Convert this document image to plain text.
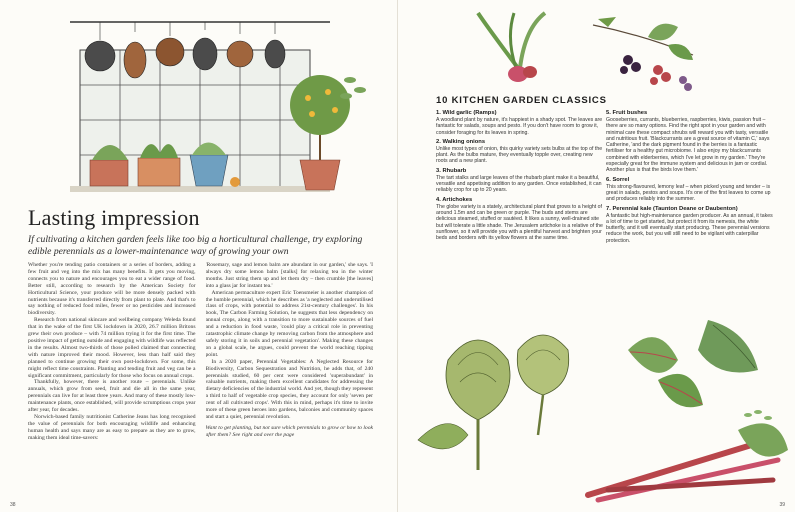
Lasting impression

If cultivating a kitchen garden feels like too big a horticultural challenge, try exploring edible perennials as a lower-maintenance way of growing your own

Whether you're tending patio containers or a series of borders, adding a few fruit and veg into the mix has many benefits. It gets you moving, connects you to nature and encourages you to eat a wider range of food. Better still, according to research by the American Society for Horticultural Science, your produce will be more densely packed with nutrients because it's transferred directly from plant to plate. And that's to say nothing of reduced food miles, fewer or no pesticides and increased biodiversity.

Research from national skincare and wellbeing company Weleda found that in the wake of the first UK lockdown in 2020, 26.7 million Britons grew their own produce – with 74 million trying it for the first time. The positive impact of getting outside and engaging with wildlife was reflected in the results. Almost two-thirds of those polled claimed that connecting with nature improved their mood. However, less than half said they planned to continue growing their own post-lockdown. For some, this might reflect time constraints. Planting and tending fruit and veg can be a significant commitment, particularly for those who focus on annual crops.

Thankfully, however, there is another route – perennials. Unlike annuals, which grow from seed, fruit and die all in the same year, perennials can live for at least three years. And many of these mostly low-maintenance plants, once established, will provide scrumptious crops year after year, for decades.

Norwich-based family nutritionist Catherine Jeans has long recognised the value of perennials for both encouraging wildlife and enhancing human health and says many are as easy to prepare as they are to grow, making them ideal time-savers:

'Rosemary, sage and lemon balm are abundant in our garden,' she says. 'I always dry some lemon balm [stalks] for relaxing tea in the winter months. Just string them up and let them dry – then crumble [the leaves] into a glass jar for instant tea.'

American permaculture expert Eric Toensmeier is another champion of the humble perennial, which he describes as 'a neglected and underutilised class of crops, with potential to address 21st-century challenges'. In his book, The Carbon Farming Solution, he suggests that less dependency on annual crops, along with a transition to more sustainable sources of fuel and a reduction in food waste, 'could play a critical role in preventing catastrophic climate change by removing carbon from the atmosphere and safely storing it in soils and perennial vegetation'. Making these changes on a global scale, he argues, could prevent the world reaching tipping point.

In a 2020 paper, Perennial Vegetables: A Neglected Resource for Biodiversity, Carbon Sequestration and Nutrition, he adds that, of 240 perennials studied, 60 per cent were considered 'superabundant' in valuable nutrients, making them excellent candidates for addressing the dietary deficiencies of the industrial world. And yet, though they represent a third to half of vegetable crop species, they account for only 'seven per cent of all cultivated crops'. With this in mind, perhaps it's time to invite more of these green heroes into gardens, balconies and community spaces and start a quiet, perennial revolution.

Want to get planting, but not sure which perennials to grow or how to look after them? See right and over the page

38
10 KITCHEN GARDEN CLASSICS
1. Wild garlic (Ramps)

A woodland plant by nature, it's happiest in a shady spot. The leaves are fantastic for salads, soups and pesto. If you don't have room to grow it, consider foraging for its leaves in spring.

2. Walking onions

Unlike most types of onion, this quirky variety sets bulbs at the top of the plant. As the bulbs mature, they eventually topple over, creating new roots and a new plant.

3. Rhubarb

The tart stalks and large leaves of the rhubarb plant make it a beautiful, versatile and appetising addition to any garden. Once established, it can reliably crop for up to 20 years.

4. Artichokes

The globe variety is a stately, architectural plant that grows to a height of around 1.5m and can be green or purple. The buds and stems are delicious steamed, stuffed or sautéed. It likes a sunny, well-drained site but will tolerate a little shade. The Jerusalem artichoke is a relative of the sunflower, so it will provide you with a plentiful harvest and brighten your beds and borders with its yellow flowers at the same time.

5. Fruit bushes

Gooseberries, currants, blueberries, raspberries, kiwis, passion fruit – there are so many options. Find the right spot in your garden and with minimal care these compact shrubs will reward you with tasty, versatile and nutritious fruit. 'Blackcurrants are a great source of vitamin C,' says Catherine, 'and the dark pigment found in the berries is a fantastic fertiliser for a healthy gut microbiome. I also enjoy my blackcurrants combined with elderberries, which I've let grow in my garden.' They're especially great for the immune system and delicious in jam or cordial. Another plus is that the birds love them.'

6. Sorrel

This strong-flavoured, lemony leaf – when picked young and tender – is great in salads, pestos and soups. It's one of the first leaves to come up and produces reliably into the summer.

7. Perennial kale (Taunton Deane or Daubenton)

A fantastic but high-maintenance garden producer. As an annual, it takes a lot of time to get started, but protect it from its nemesis, the white butterfly, and it will eventually start producing. These perennial versions reduce the work, but you will still need to be vigilant with caterpillar protection.

39
